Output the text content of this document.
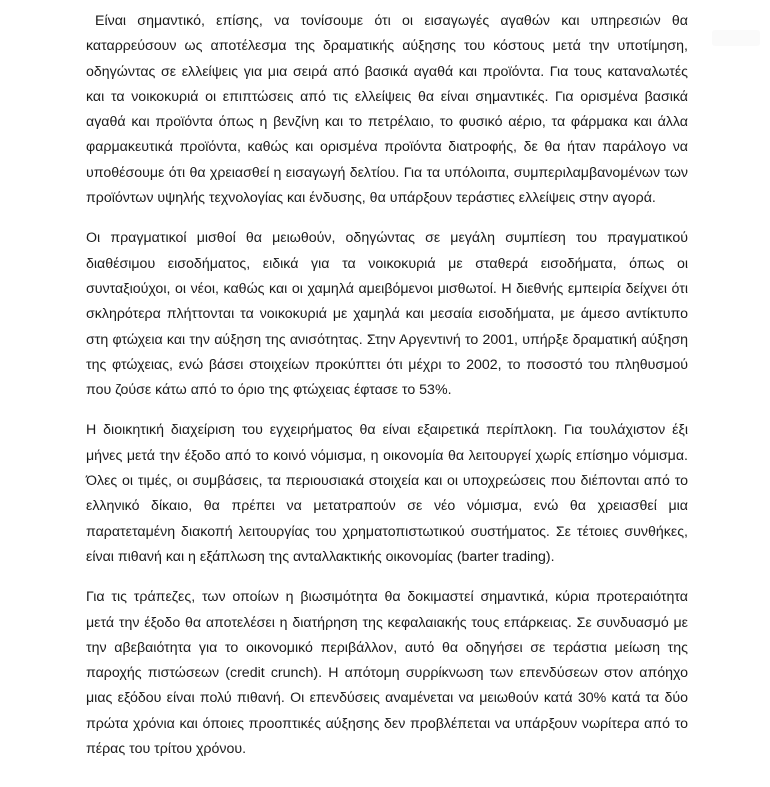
Είναι σημαντικό, επίσης, να τονίσουμε ότι οι εισαγωγές αγαθών και υπηρεσιών θα καταρρεύσουν ως αποτέλεσμα της δραματικής αύξησης του κόστους μετά την υποτίμηση, οδηγώντας σε ελλείψεις για μια σειρά από βασικά αγαθά και προϊόντα. Για τους καταναλωτές και τα νοικοκυριά οι επιπτώσεις από τις ελλείψεις θα είναι σημαντικές. Για ορισμένα βασικά αγαθά και προϊόντα όπως η βενζίνη και το πετρέλαιο, το φυσικό αέριο, τα φάρμακα και άλλα φαρμακευτικά προϊόντα, καθώς και ορισμένα προϊόντα διατροφής, δε θα ήταν παράλογο να υποθέσουμε ότι θα χρειασθεί η εισαγωγή δελτίου. Για τα υπόλοιπα, συμπεριλαμβανομένων των προϊόντων υψηλής τεχνολογίας και ένδυσης, θα υπάρξουν τεράστιες ελλείψεις στην αγορά.

Οι πραγματικοί μισθοί θα μειωθούν, οδηγώντας σε μεγάλη συμπίεση του πραγματικού διαθέσιμου εισοδήματος, ειδικά για τα νοικοκυριά με σταθερά εισοδήματα, όπως οι συνταξιούχοι, οι νέοι, καθώς και οι χαμηλά αμειβόμενοι μισθωτοί. Η διεθνής εμπειρία δείχνει ότι σκληρότερα πλήττονται τα νοικοκυριά με χαμηλά και μεσαία εισοδήματα, με άμεσο αντίκτυπο στη φτώχεια και την αύξηση της ανισότητας. Στην Αργεντινή το 2001, υπήρξε δραματική αύξηση της φτώχειας, ενώ βάσει στοιχείων προκύπτει ότι μέχρι το 2002, το ποσοστό του πληθυσμού που ζούσε κάτω από το όριο της φτώχειας έφτασε το 53%.

Η διοικητική διαχείριση του εγχειρήματος θα είναι εξαιρετικά περίπλοκη. Για τουλάχιστον έξι μήνες μετά την έξοδο από το κοινό νόμισμα, η οικονομία θα λειτουργεί χωρίς επίσημο νόμισμα. Όλες οι τιμές, οι συμβάσεις, τα περιουσιακά στοιχεία και οι υποχρεώσεις που διέπονται από το ελληνικό δίκαιο, θα πρέπει να μετατραπούν σε νέο νόμισμα, ενώ θα χρειασθεί μια παρατεταμένη διακοπή λειτουργίας του χρηματοπιστωτικού συστήματος. Σε τέτοιες συνθήκες, είναι πιθανή και η εξάπλωση της ανταλλακτικής οικονομίας (barter trading).

Για τις τράπεζες, των οποίων η βιωσιμότητα θα δοκιμαστεί σημαντικά, κύρια προτεραιότητα μετά την έξοδο θα αποτελέσει η διατήρηση της κεφαλαιακής τους επάρκειας. Σε συνδυασμό με την αβεβαιότητα για το οικονομικό περιβάλλον, αυτό θα οδηγήσει σε τεράστια μείωση της παροχής πιστώσεων (credit crunch). Η απότομη συρρίκνωση των επενδύσεων στον απόηχο μιας εξόδου είναι πολύ πιθανή. Οι επενδύσεις αναμένεται να μειωθούν κατά 30% κατά τα δύο πρώτα χρόνια και όποιες προοπτικές αύξησης δεν προβλέπεται να υπάρξουν νωρίτερα από το πέρας του τρίτου χρόνου.
